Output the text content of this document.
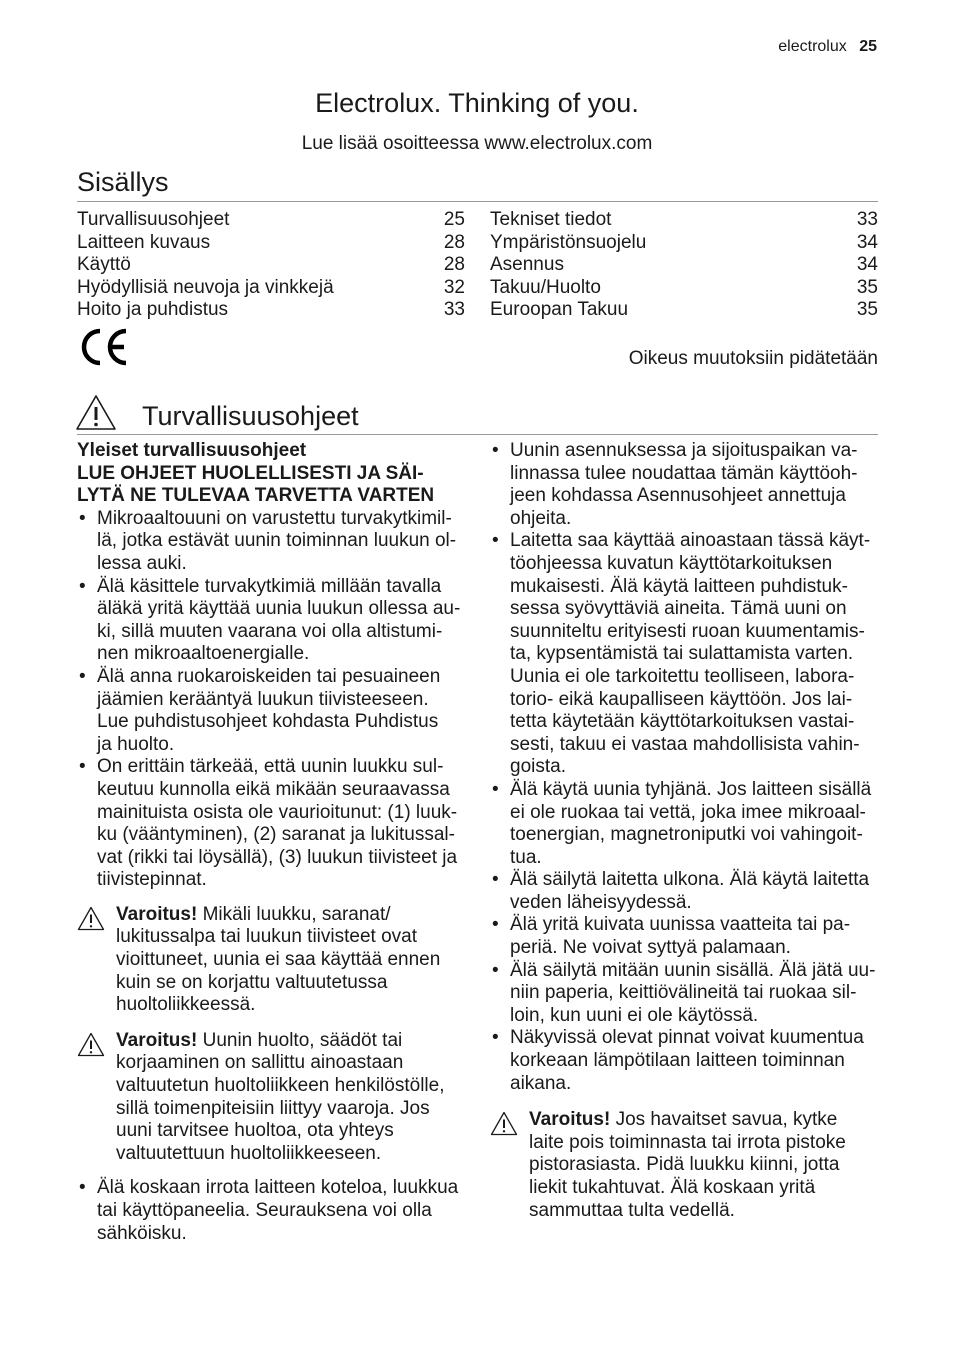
electrolux 25
Electrolux. Thinking of you.
Lue lisää osoitteessa www.electrolux.com
Sisällys
Turvallisuusohjeet	25
Laitteen kuvaus	28
Käyttö	28
Hyödyllisiä neuvoja ja vinkkejä	32
Hoito ja puhdistus	33
Tekniset tiedot	33
Ympäristönsuojelu	34
Asennus	34
Takuu/Huolto	35
Euroopan Takuu	35
Oikeus muutoksiin pidätetään
Turvallisuusohjeet

Yleiset turvallisuusohjeet

LUE OHJEET HUOLELLISESTI JA SÄI-
LYTÄ NE TULEVAA TARVETTA VARTEN

• Mikroaaltouuni on varustettu turvakytkimil-
lä, jotka estävät uunin toiminnan luukun ol-
lessa auki.
• Älä käsittele turvakytkimiä millään tavalla
äläkä yritä käyttää uunia luukun ollessa au-
ki, sillä muuten vaarana voi olla altistumi-
nen mikroaaltoenergialle.
• Älä anna ruokaroiskeiden tai pesuaineen
jäämien kerääntyä luukun tiivisteeseen.
Lue puhdistusohjeet kohdasta Puhdistus
ja huolto.
• On erittäin tärkeää, että uunin luukku sul-
keutuu kunnolla eikä mikään seuraavassa
mainituista osista ole vaurioitunut: (1) luuk-
ku (vääntyminen), (2) saranat ja lukitussal-
vat (rikki tai löysällä), (3) luukun tiivisteet ja
tiivistepinnat.
Varoitus! Mikäli luukku, saranat/
lukitussalpa tai luukun tiivisteet ovat
vioittuneet, uunia ei saa käyttää ennen
kuin se on korjattu valtuutetussa
huoltoliikkeessä.
Varoitus! Uunin huolto, säädöt tai
korjaaminen on sallittu ainoastaan
valtuutetun huoltoliikkeen henkilöstölle,
sillä toimenpiteisiin liittyy vaaroja. Jos
uuni tarvitsee huoltoa, ota yhteys
valtuutettuun huoltoliikkeeseen.
• Älä koskaan irrota laitteen koteloa, luukkua
tai käyttöpaneelia. Seurauksena voi olla
sähköisku.
• Uunin asennuksessa ja sijoituspaikan va-
linnassa tulee noudattaa tämän käyttöoh-
jeen kohdassa Asennusohjeet annettuja
ohjeita.
• Laitetta saa käyttää ainoastaan tässä käyt-
töohjeessa kuvatun käyttötarkoituksen
mukaisesti. Älä käytä laitteen puhdistuk-
sessa syövyttäviä aineita. Tämä uuni on
suunniteltu erityisesti ruoan kuumentamis-
ta, kypsentämistä tai sulattamista varten.
Uunia ei ole tarkoitettu teolliseen, labora-
torio- eikä kaupalliseen käyttöön. Jos lai-
tetta käytetään käyttötarkoituksen vastai-
sesti, takuu ei vastaa mahdollisista vahin-
goista.
• Älä käytä uunia tyhjänä. Jos laitteen sisällä
ei ole ruokaa tai vettä, joka imee mikroaal-
toenergian, magnetroniputki voi vahingoit-
tua.
• Älä säilytä laitetta ulkona. Älä käytä laitetta
veden läheisyydessä.
• Älä yritä kuivata uunissa vaatteita tai pa-
periä. Ne voivat syttyä palamaan.
• Älä säilytä mitään uunin sisällä. Älä jätä uu-
niin paperia, keittiövälineitä tai ruokaa sil-
loin, kun uuni ei ole käytössä.
• Näkyvissä olevat pinnat voivat kuumentua
korkeaan lämpötilaan laitteen toiminnan
aikana.
Varoitus! Jos havaitset savua, kytke
laite pois toiminnasta tai irrota pistoke
pistorasiasta. Pidä luukku kiinni, jotta
liekit tukahtuvat. Älä koskaan yritä
sammuttaa tulta vedellä.
